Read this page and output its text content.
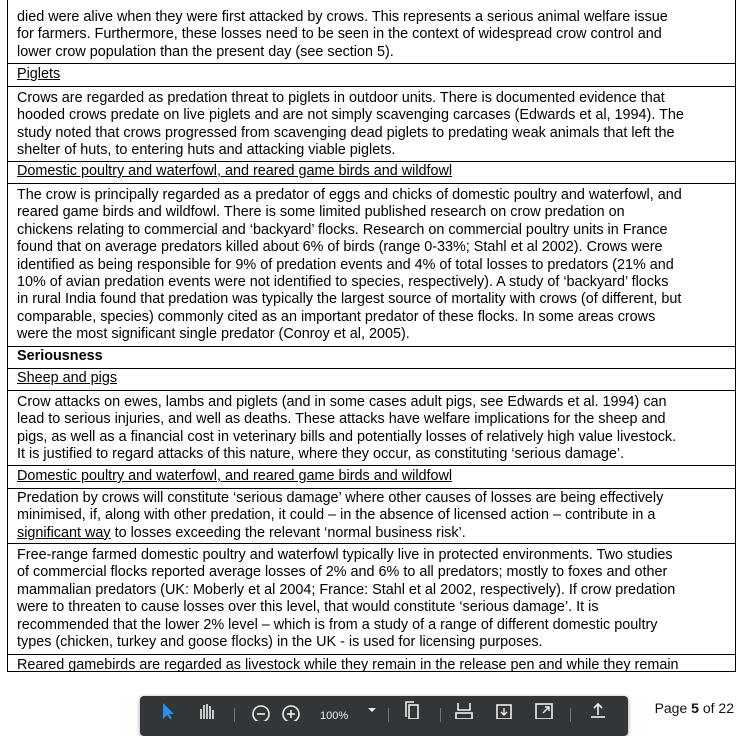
died were alive when they were first attacked by crows. This represents a serious animal welfare issue
for farmers. Furthermore, these losses need to be seen in the context of widespread crow control and
lower crow population than the present day (see section 5).
Piglets
Crows are regarded as predation threat to piglets in outdoor units. There is documented evidence that
hooded crows predate on live piglets and are not simply scavenging carcases (Edwards et al, 1994). The
study noted that crows progressed from scavenging dead piglets to predating weak animals that left the
shelter of huts, to entering huts and attacking viable piglets.
Domestic poultry and waterfowl, and reared game birds and wildfowl
The crow is principally regarded as a predator of eggs and chicks of domestic poultry and waterfowl, and
reared game birds and wildfowl. There is some limited published research on crow predation on
chickens relating to commercial and ‘backyard’ flocks. Research on commercial poultry units in France
found that on average predators killed about 6% of birds (range 0-33%; Stahl et al 2002). Crows were
identified as being responsible for 9% of predation events and 4% of total losses to predators (21% and
10% of avian predation events were not identified to species, respectively). A study of ‘backyard’ flocks
in rural India found that predation was typically the largest source of mortality with crows (of different, but
comparable, species) commonly cited as an important predator of these flocks. In some areas crows
were the most significant single predator (Conroy et al, 2005).
Seriousness
Sheep and pigs
Crow attacks on ewes, lambs and piglets (and in some cases adult pigs, see Edwards et al. 1994) can
lead to serious injuries, and well as deaths. These attacks have welfare implications for the sheep and
pigs, as well as a financial cost in veterinary bills and potentially losses of relatively high value livestock.
It is justified to regard attacks of this nature, where they occur, as constituting ‘serious damage’.
Domestic poultry and waterfowl, and reared game birds and wildfowl
Predation by crows will constitute ‘serious damage’ where other causes of losses are being effectively
minimised, if, along with other predation, it could – in the absence of licensed action – contribute in a
significant way to losses exceeding the relevant ‘normal business risk’.
Free-range farmed domestic poultry and waterfowl typically live in protected environments. Two studies
of commercial flocks reported average losses of 2% and 6% to all predators; mostly to foxes and other
mammalian predators (UK: Moberly et al 2004; France: Stahl et al 2002, respectively). If crow predation
were to threaten to cause losses over this level, that would constitute ‘serious damage’. It is
recommended that the lower 2% level – which is from a study of a range of different domestic poultry
types (chicken, turkey and goose flocks) in the UK - is used for licensing purposes.
Reared gamebirds are regarded as livestock while they remain in the release pen and while they remain
100%	Page 5 of 22
